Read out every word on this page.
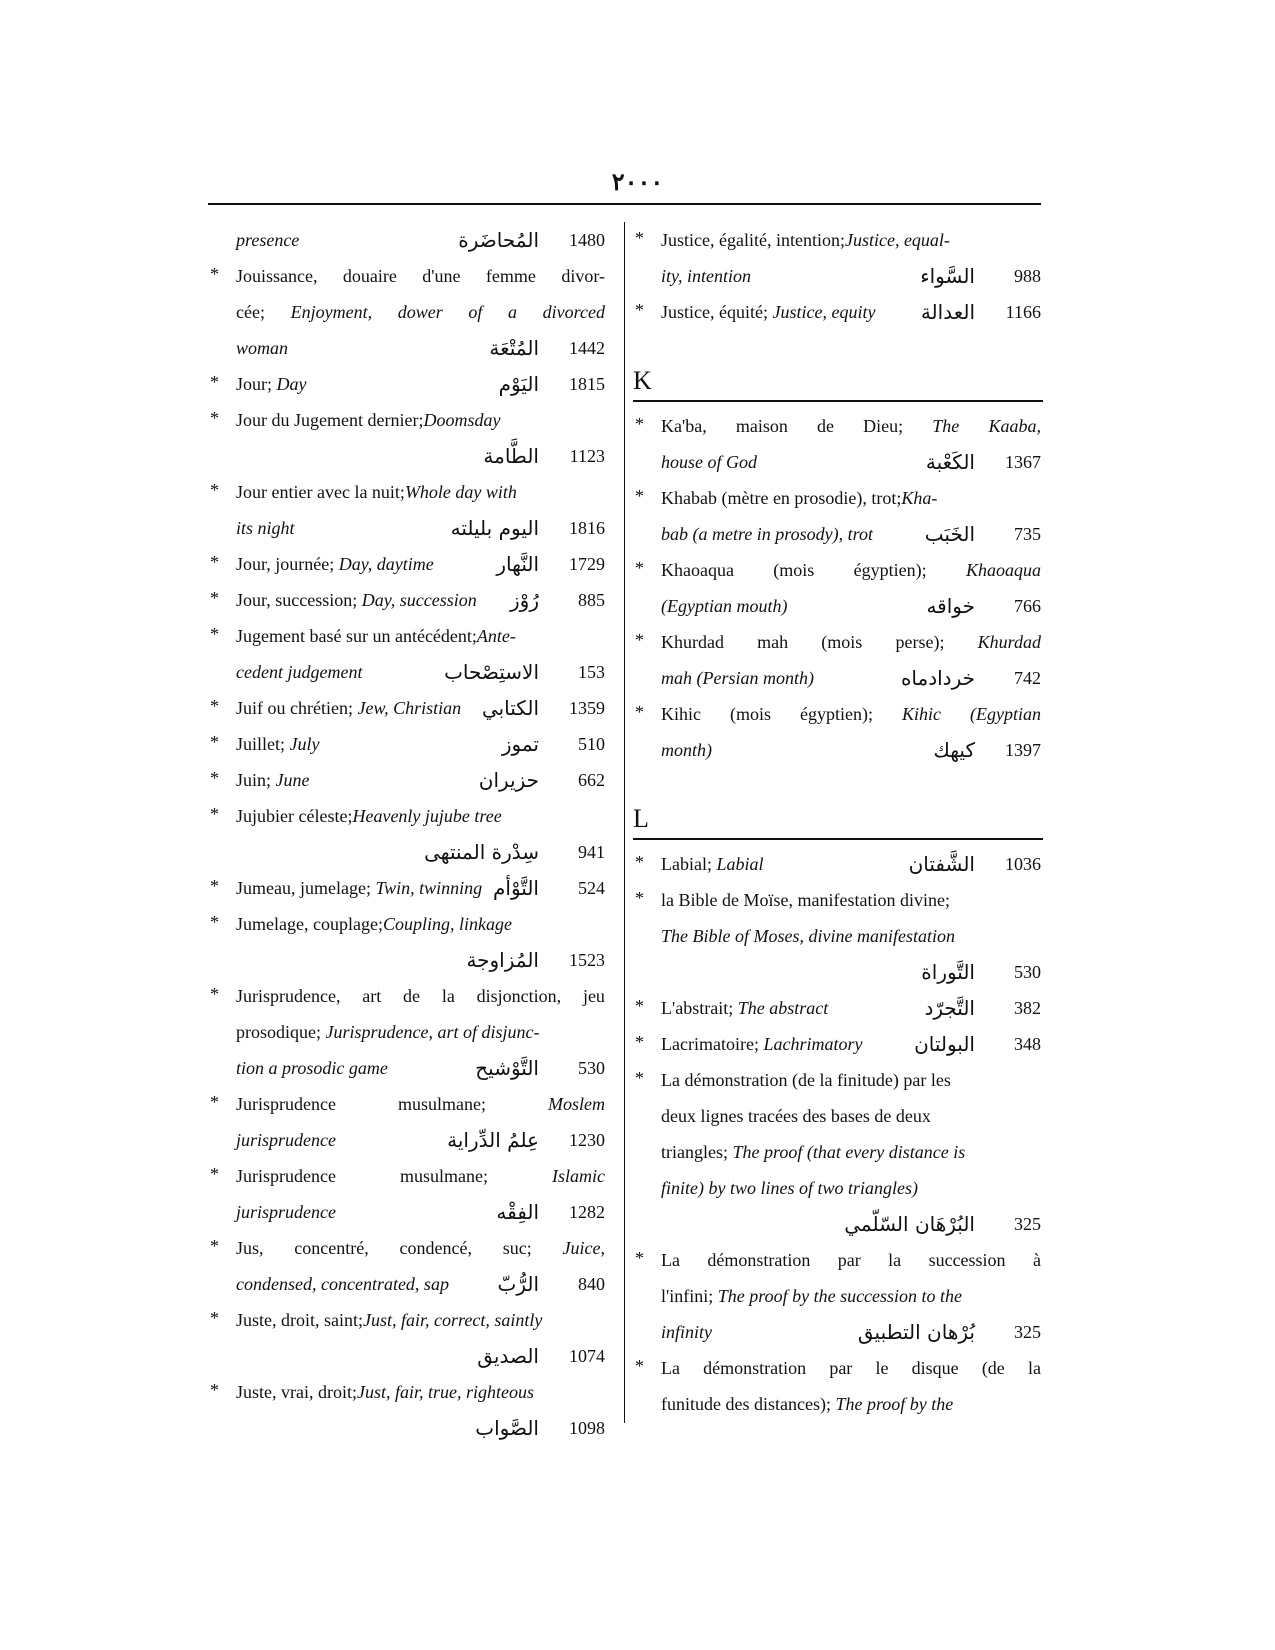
٢٠٠٠
presence	المُحاضَرة	1480
* Jouissance, douaire d'une femme divor-
cée; Enjoyment, dower of a divorced
woman	المُتْعَة	1442
* Jour; Day	اليَوْم	1815
* Jour du Jugement dernier; Doomsday
الطَّامة	1123
* Jour entier avec la nuit; Whole day with
its night	اليوم بليلته	1816
* Jour, journée; Day, daytime	النَّهار	1729
* Jour, succession; Day, succession	رُوْز	885
* Jugement basé sur un antécédent; Ante-
cedent judgement	الاستِصْحاب	153
* Juif ou chrétien; Jew, Christian	الكتابي	1359
* Juillet; July	تموز	510
* Juin; June	حزيران	662
* Jujubier céleste; Heavenly jujube tree
سِدْرة المنتهى	941
* Jumeau, jumelage; Twin, twinning التَّوْأم	524
* Jumelage, couplage; Coupling, linkage
المُزاوجة	1523
* Jurisprudence, art de la disjonction, jeu
prosodique; Jurisprudence, art of disjunc-
tion a prosodic game	التَّوْشيح	530
* Jurisprudence	musulmane;	Moslem
jurisprudence	عِلمُ الدِّراية	1230
* Jurisprudence	musulmane;	Islamic
jurisprudence	الفِقْه	1282
* Jus, concentré, condencé, suc; Juice,
condensed, concentrated, sap	الرُّبّ	840
* Juste, droit, saint; Just, fair, correct, saintly
الصديق	1074
* Juste, vrai, droit; Just, fair, true, righteous
الصَّواب	1098
* Justice, égalité, intention; Justice, equal-
ity, intention	السَّواء	988
* Justice, équité; Justice, equity	العدالة	1166
K
* Ka'ba, maison de Dieu; The Kaaba,
house of God	الكَعْبة	1367
* Khabab (mètre en prosodie), trot; Kha-
bab (a metre in prosody), trot	الخَبَب	735
* Khaoaqua (mois égyptien); Khaoaqua
(Egyptian mouth)	خواقه	766
* Khurdad mah (mois perse); Khurdad
mah (Persian month)	خردادماه	742
* Kihic (mois égyptien); Kihic (Egyptian
month)	كيهك	1397
L
* Labial; Labial	الشَّفتان	1036
* la Bible de Moïse, manifestation divine;
The Bible of Moses, divine manifestation
التَّوراة	530
* L'abstrait; The abstract	التَّجرّد	382
* Lacrimatoire; Lachrimatory	البولتان	348
* La démonstration (de la finitude) par les
deux lignes tracées des bases de deux
triangles; The proof (that every distance is
finite) by two lines of two triangles)
البُرْهَان السّلّمي	325
* La démonstration par la succession à
l'infini; The proof by the succession to the
infinity	بُرْهان التطبيق	325
* La démonstration par le disque (de la
funitude des distances); The proof by the
